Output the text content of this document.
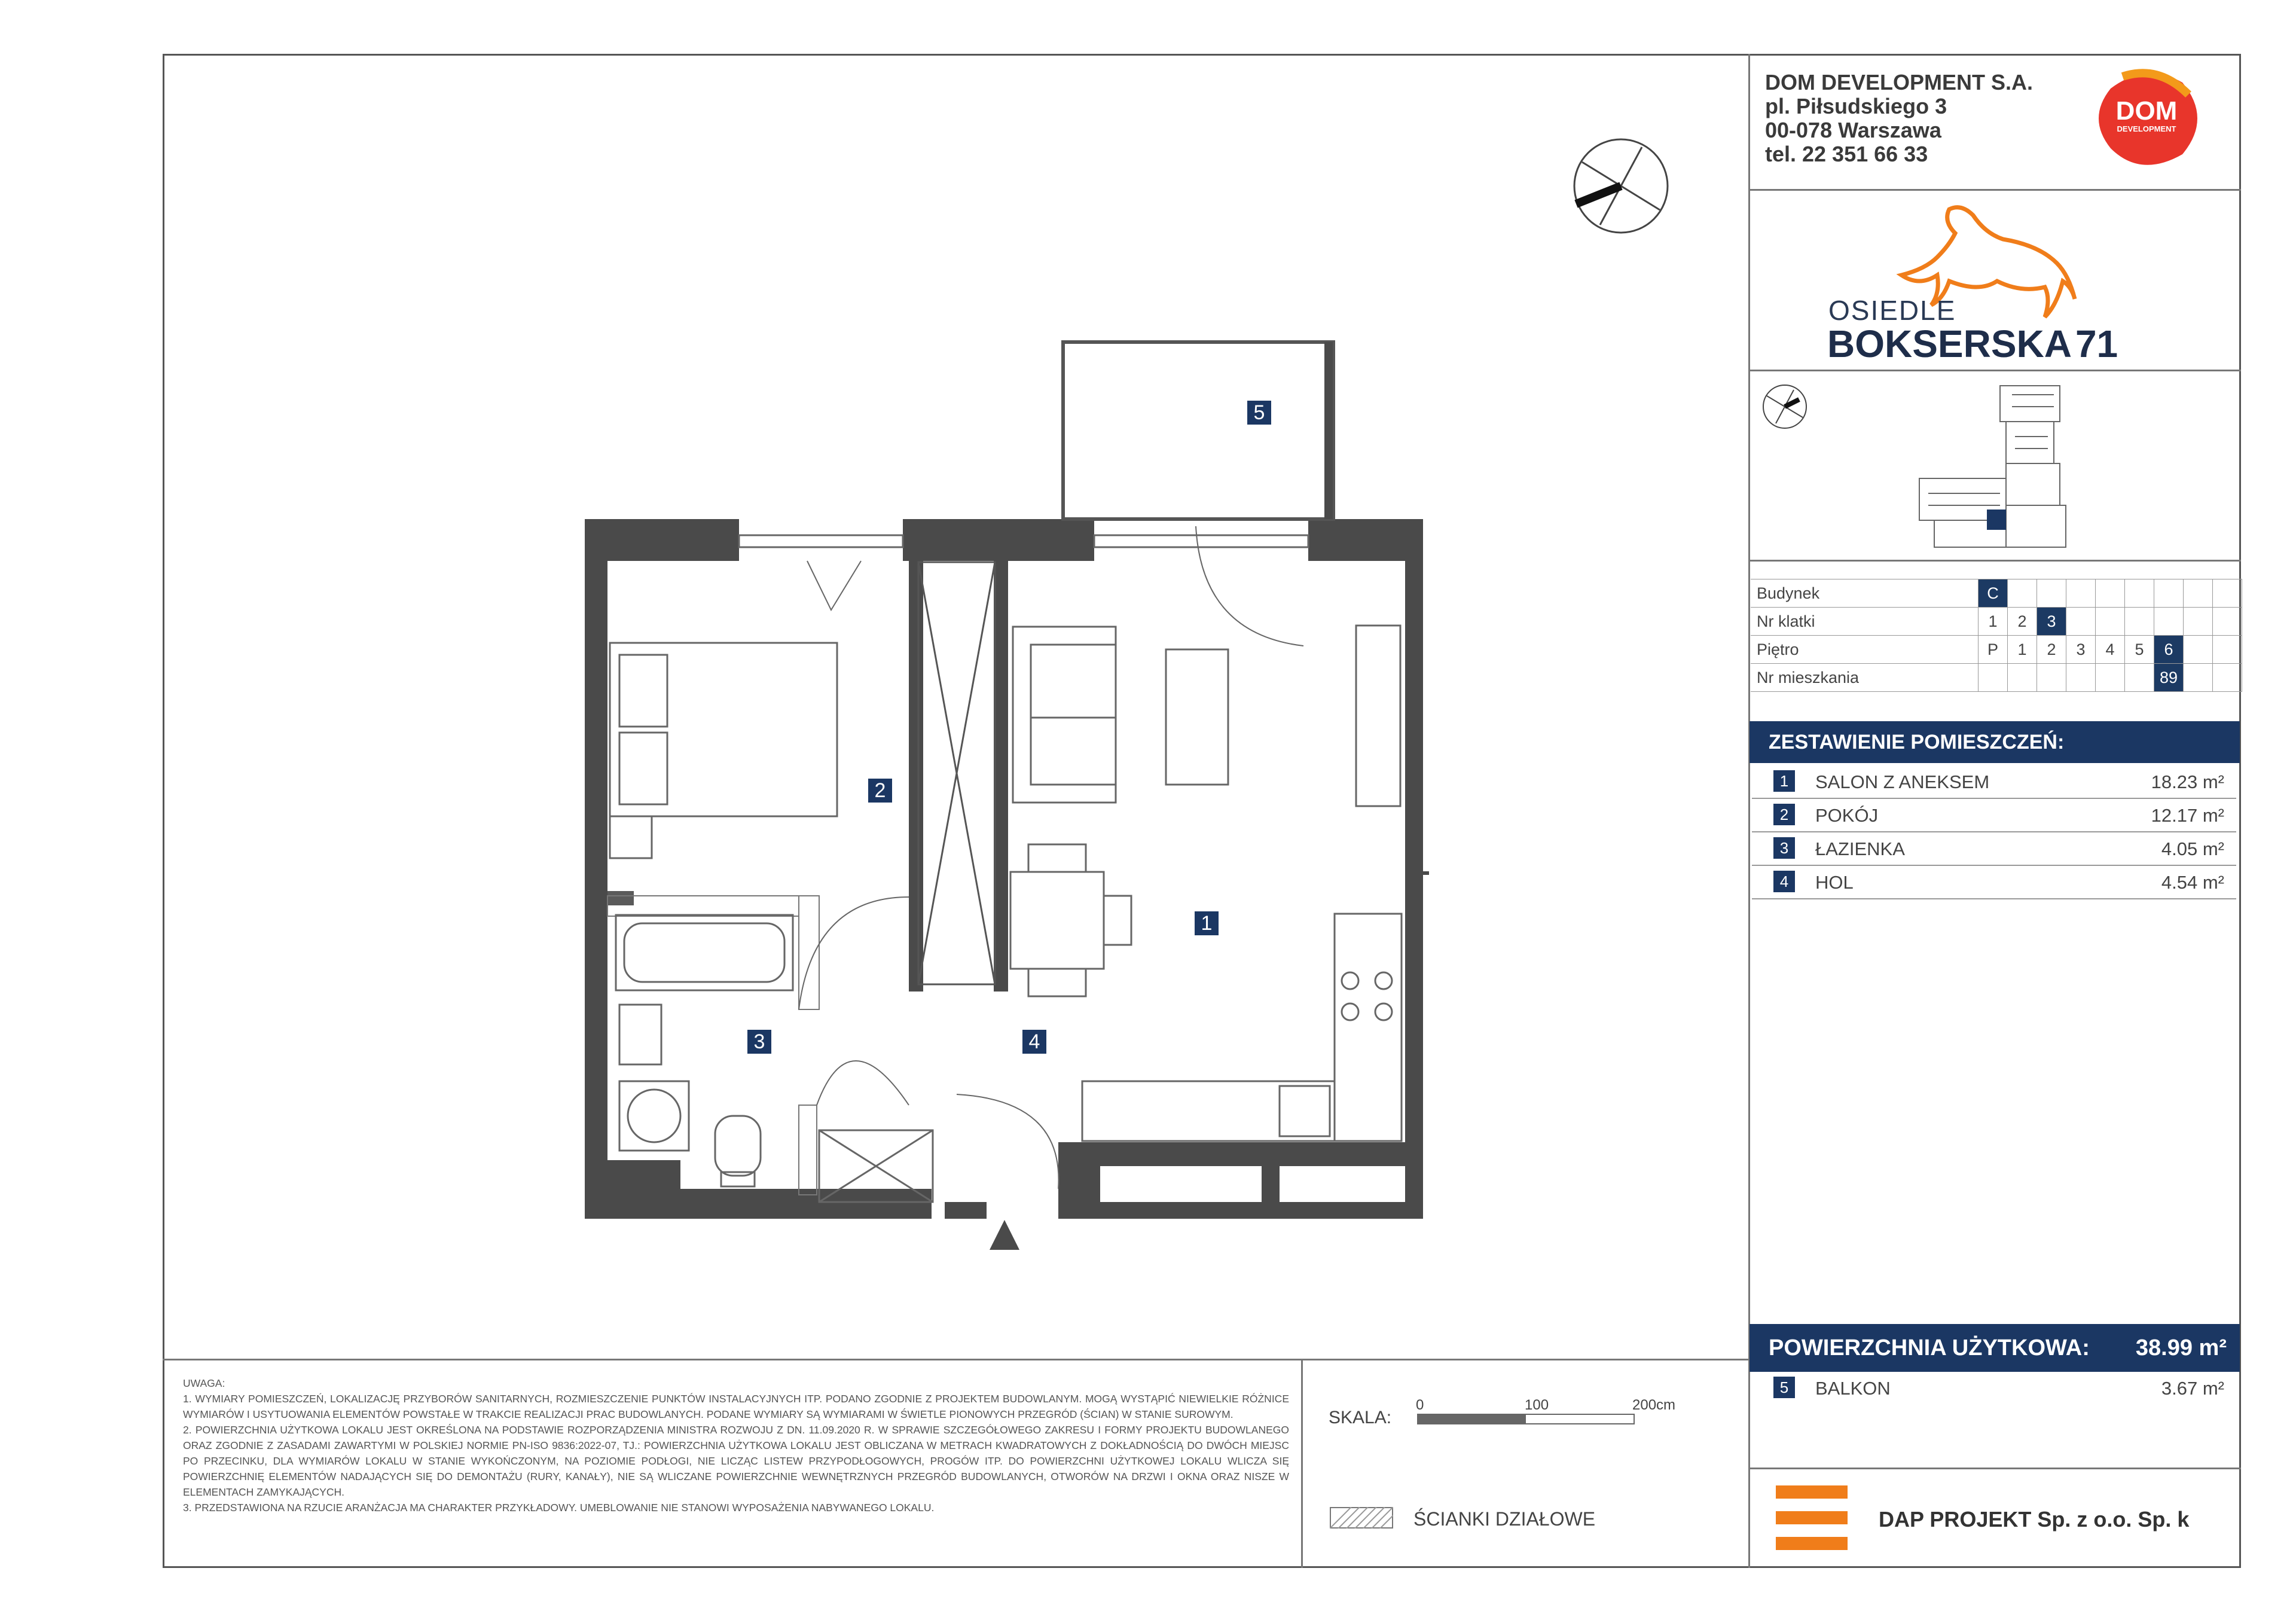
DOM DEVELOPMENT S.A.
pl. Piłsudskiego 3
00-078 Warszawa
tel. 22 351 66 33
DOM
DEVELOPMENT
OSIEDLE
BOKSERSKA71
Budynek	C								
Nr klatki	1	2	3						
Piętro	P	1	2	3	4	5	6		
Nr mieszkania							89		
ZESTAWIENIE POMIESZCZEŃ:
1	SALON Z ANEKSEM	18.23 m²
2	POKÓJ	12.17 m²
3	ŁAZIENKA	4.05 m²
4	HOL	4.54 m²
POWIERZCHNIA UŻYTKOWA: 38.99 m²
5	BALKON	3.67 m²
DAP PROJEKT Sp. z o.o. Sp. k

UWAGA:

1. WYMIARY POMIESZCZEŃ, LOKALIZACJĘ PRZYBORÓW SANITARNYCH, ROZMIESZCZENIE PUNKTÓW INSTALACYJNYCH ITP. PODANO ZGODNIE Z PROJEKTEM BUDOWLANYM. MOGĄ WYSTĄPIĆ NIEWIELKIE RÓŻNICE WYMIARÓW I USYTUOWANIA ELEMENTÓW POWSTAŁE W TRAKCIE REALIZACJI PRAC BUDOWLANYCH. PODANE WYMIARY SĄ WYMIARAMI W ŚWIETLE PIONOWYCH PRZEGRÓD (ŚCIAN) W STANIE SUROWYM.

2. POWIERZCHNIA UŻYTKOWA LOKALU JEST OKREŚLONA NA PODSTAWIE ROZPORZĄDZENIA MINISTRA ROZWOJU Z DN. 11.09.2020 R. W SPRAWIE SZCZEGÓŁOWEGO ZAKRESU I FORMY PROJEKTU BUDOWLANEGO ORAZ ZGODNIE Z ZASADAMI ZAWARTYMI W POLSKIEJ NORMIE PN-ISO 9836:2022-07, TJ.: POWIERZCHNIA UŻYTKOWA LOKALU JEST OBLICZANA W METRACH KWADRATOWYCH Z DOKŁADNOŚCIĄ DO DWÓCH MIEJSC PO PRZECINKU, DLA WYMIARÓW LOKALU W STANIE WYKOŃCZONYM, NA POZIOMIE PODŁOGI, NIE LICZĄC LISTEW PRZYPODŁOGOWYCH, PROGÓW ITP. DO POWIERZCHNI UŻYTKOWEJ LOKALU WLICZA SIĘ POWIERZCHNIĘ ELEMENTÓW NADAJĄCYCH SIĘ DO DEMONTAŻU (RURY, KANAŁY), NIE SĄ WLICZANE POWIERZCHNIE WEWNĘTRZNYCH PRZEGRÓD BUDOWLANYCH, OTWORÓW NA DRZWI I OKNA ORAZ NISZE W ELEMENTACH ZAMYKAJĄCYCH.

3. PRZEDSTAWIONA NA RZUCIE ARANŻACJA MA CHARAKTER PRZYKŁADOWY. UMEBLOWANIE NIE STANOWI WYPOSAŻENIA NABYWANEGO LOKALU.

SKALA:
0	100	200cm
ŚCIANKI DZIAŁOWE
1
2
3	4
5
